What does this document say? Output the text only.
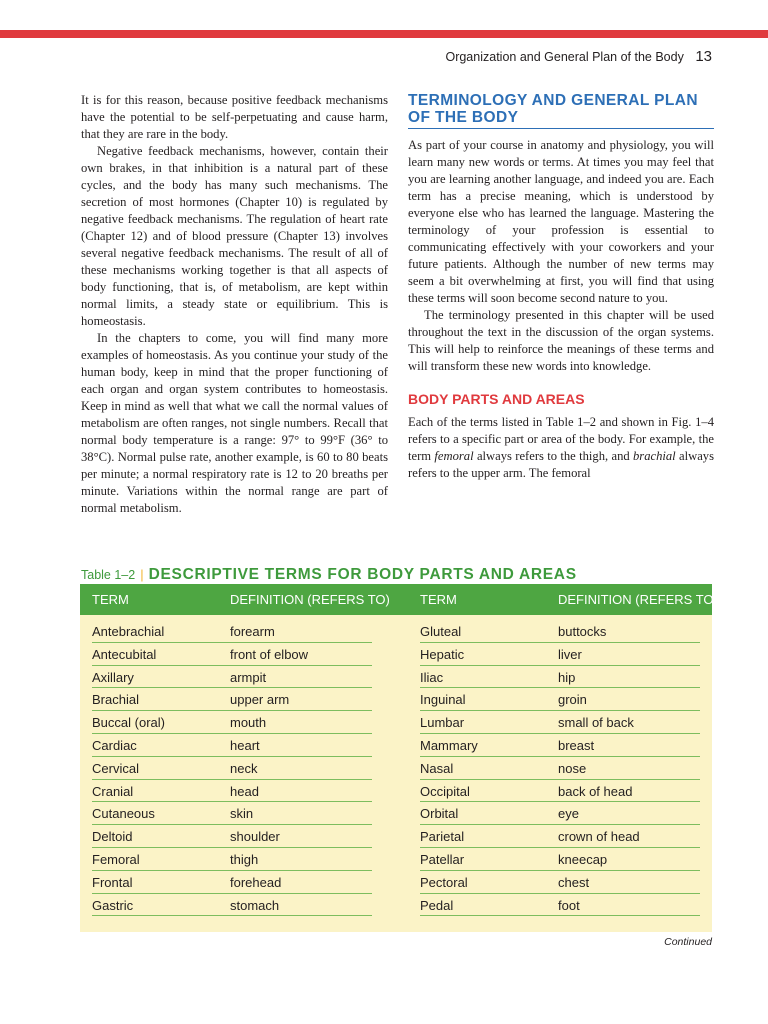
Organization and General Plan of the Body 13

It is for this reason, because positive feedback mechanisms have the potential to be self-perpetuating and cause harm, that they are rare in the body.

Negative feedback mechanisms, however, contain their own brakes, in that inhibition is a natural part of these cycles, and the body has many such mechanisms. The secretion of most hormones (Chapter 10) is regulated by negative feedback mechanisms. The regulation of heart rate (Chapter 12) and of blood pressure (Chapter 13) involves several negative feedback mechanisms. The result of all of these mechanisms working together is that all aspects of body functioning, that is, of metabolism, are kept within normal limits, a steady state or equilibrium. This is homeostasis.

In the chapters to come, you will find many more examples of homeostasis. As you continue your study of the human body, keep in mind that the proper functioning of each organ and organ system contributes to homeostasis. Keep in mind as well that what we call the normal values of metabolism are often ranges, not single numbers. Recall that normal body temperature is a range: 97° to 99°F (36° to 38°C). Normal pulse rate, another example, is 60 to 80 beats per minute; a normal respiratory rate is 12 to 20 breaths per minute. Variations within the normal range are part of normal metabolism.

TERMINOLOGY AND GENERAL PLAN OF THE BODY

As part of your course in anatomy and physiology, you will learn many new words or terms. At times you may feel that you are learning another language, and indeed you are. Each term has a precise meaning, which is understood by everyone else who has learned the language. Mastering the terminology of your profession is essential to communicating effectively with your coworkers and your future patients. Although the number of new terms may seem a bit overwhelming at first, you will find that using these terms will soon become second nature to you.

The terminology presented in this chapter will be used throughout the text in the discussion of the organ systems. This will help to reinforce the meanings of these terms and will transform these new words into knowledge.

BODY PARTS AND AREAS

Each of the terms listed in Table 1–2 and shown in Fig. 1–4 refers to a specific part or area of the body. For example, the term femoral always refers to the thigh, and brachial always refers to the upper arm. The femoral

Table 1–2 | DESCRIPTIVE TERMS FOR BODY PARTS AND AREAS
TERM	DEFINITION (REFERS TO) TERM	DEFINITION (REFERS TO)
Antebrachial	forearm
Antecubital	front of elbow
Axillary	armpit
Brachial	upper arm
Buccal (oral)	mouth
Cardiac	heart
Cervical	neck
Cranial	head
Cutaneous	skin
Deltoid	shoulder
Femoral	thigh
Frontal	forehead
Gastric	stomach
Gluteal	buttocks
Hepatic	liver
Iliac	hip
Inguinal	groin
Lumbar	small of back
Mammary	breast
Nasal	nose
Occipital	back of head
Orbital	eye
Parietal	crown of head
Patellar	kneecap
Pectoral	chest
Pedal	foot
Continued
